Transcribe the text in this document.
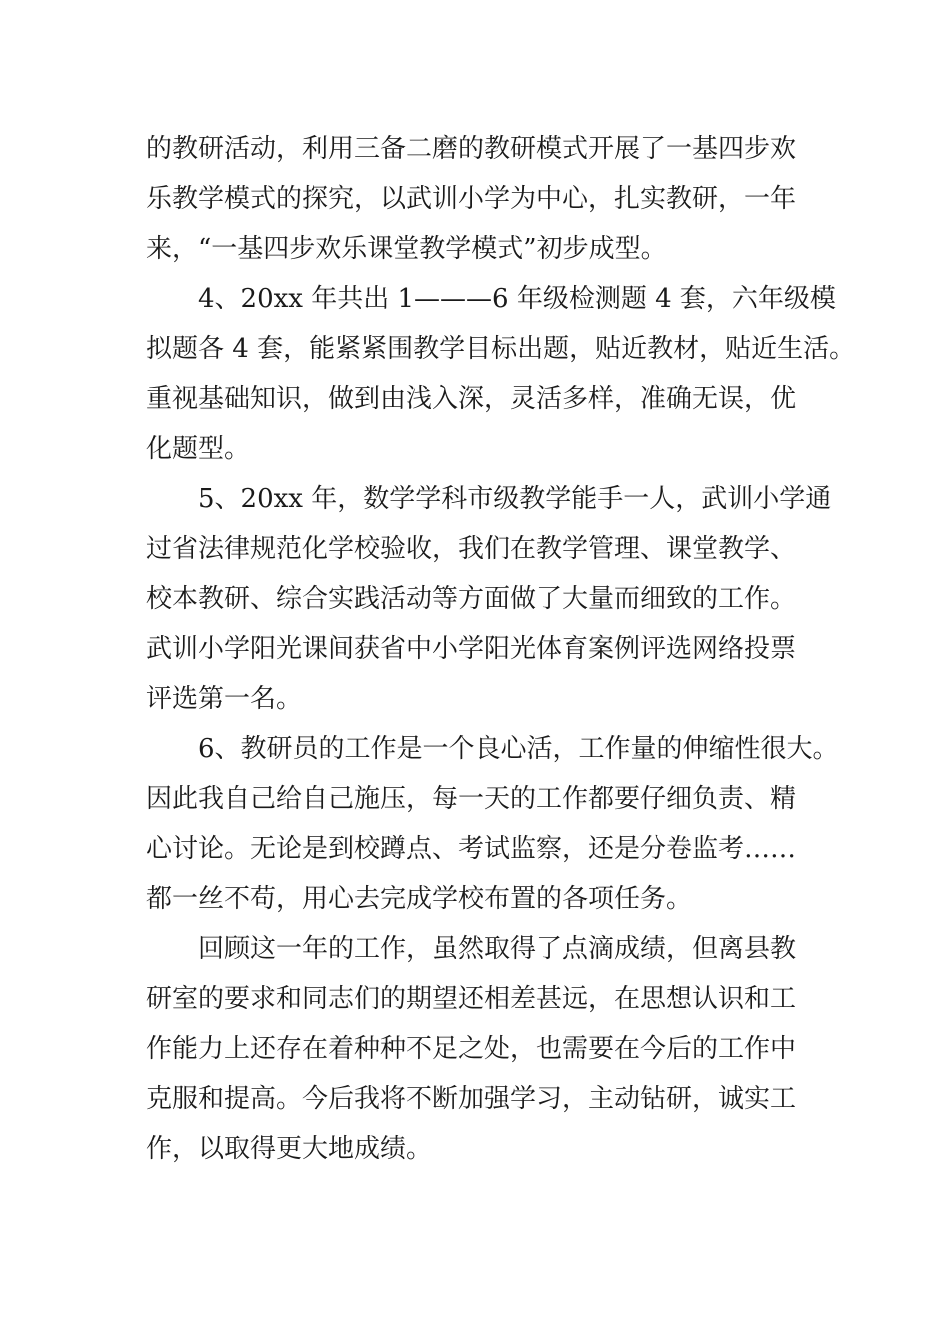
的教研活动，利用三备二磨的教研模式开展了一基四步欢
乐教学模式的探究，以武训小学为中心，扎实教研，一年
来，“一基四步欢乐课堂教学模式”初步成型。
4、20xx 年共出 1———6 年级检测题 4 套，六年级模
拟题各 4 套，能紧紧围教学目标出题，贴近教材，贴近生活。
重视基础知识，做到由浅入深，灵活多样，准确无误，优
化题型。
5、20xx 年，数学学科市级教学能手一人，武训小学通
过省法律规范化学校验收，我们在教学管理、课堂教学、
校本教研、综合实践活动等方面做了大量而细致的工作。
武训小学阳光课间获省中小学阳光体育案例评选网络投票
评选第一名。
6、教研员的工作是一个良心活，工作量的伸缩性很大。
因此我自己给自己施压，每一天的工作都要仔细负责、精
心讨论。无论是到校蹲点、考试监察，还是分卷监考……
都一丝不苟，用心去完成学校布置的各项任务。
回顾这一年的工作，虽然取得了点滴成绩，但离县教
研室的要求和同志们的期望还相差甚远，在思想认识和工
作能力上还存在着种种不足之处，也需要在今后的工作中
克服和提高。今后我将不断加强学习，主动钻研，诚实工
作，以取得更大地成绩。
